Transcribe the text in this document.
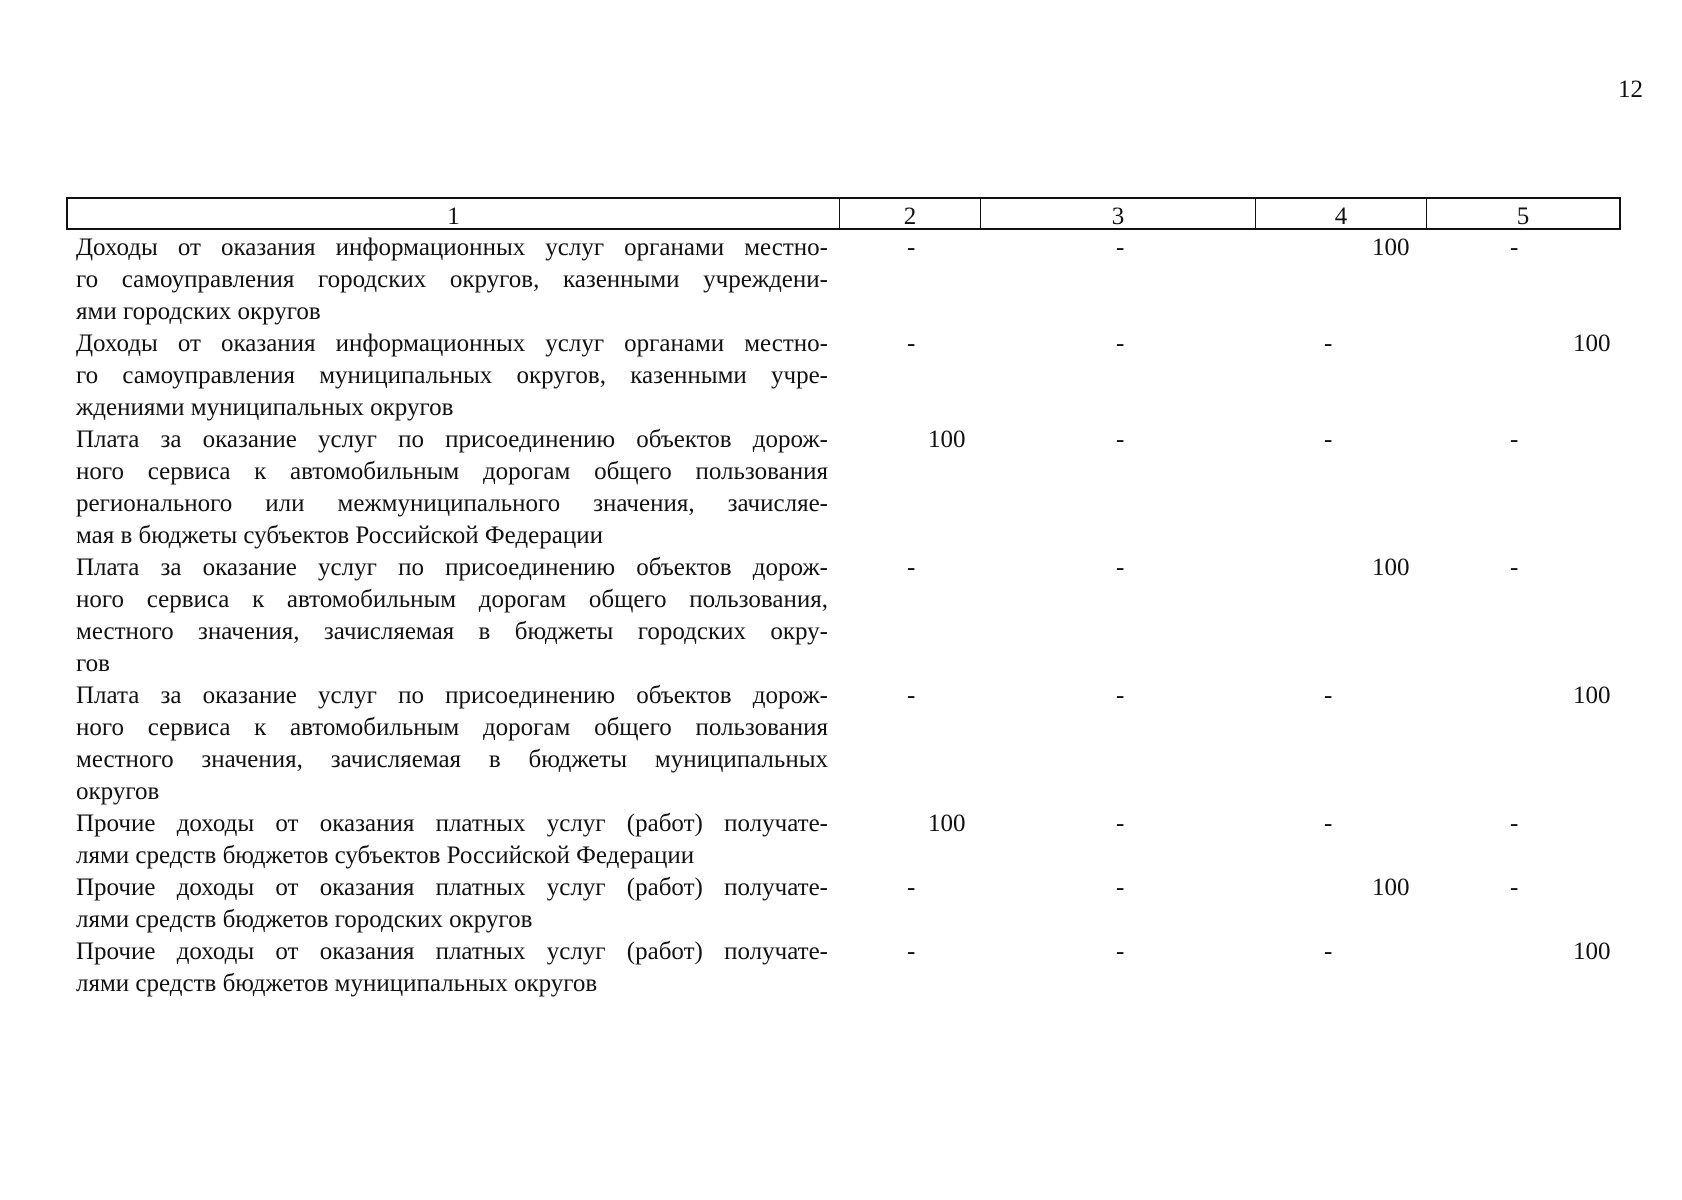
12
1	2	3	4	5
Доходы от оказания информационных услуг органами местно-
го самоуправления городских округов, казенными учреждени-
ями городских округов
-	-	100	-
Доходы от оказания информационных услуг органами местно-
го самоуправления муниципальных округов, казенными учре-
ждениями муниципальных округов
-	-	-	100
Плата за оказание услуг по присоединению объектов дорож-
ного сервиса к автомобильным дорогам общего пользования
регионального или межмуниципального значения, зачисляе-
мая в бюджеты субъектов Российской Федерации
100	-	-	-
Плата за оказание услуг по присоединению объектов дорож-
ного сервиса к автомобильным дорогам общего пользования,
местного значения, зачисляемая в бюджеты городских окру-
гов
-	-	100	-
Плата за оказание услуг по присоединению объектов дорож-
ного сервиса к автомобильным дорогам общего пользования
местного значения, зачисляемая в бюджеты муниципальных
округов
-	-	-	100
Прочие доходы от оказания платных услуг (работ) получате-
лями средств бюджетов субъектов Российской Федерации
100	-	-	-
Прочие доходы от оказания платных услуг (работ) получате-
лями средств бюджетов городских округов
-	-	100	-
Прочие доходы от оказания платных услуг (работ) получате-
лями средств бюджетов муниципальных округов
-	-	-	100
